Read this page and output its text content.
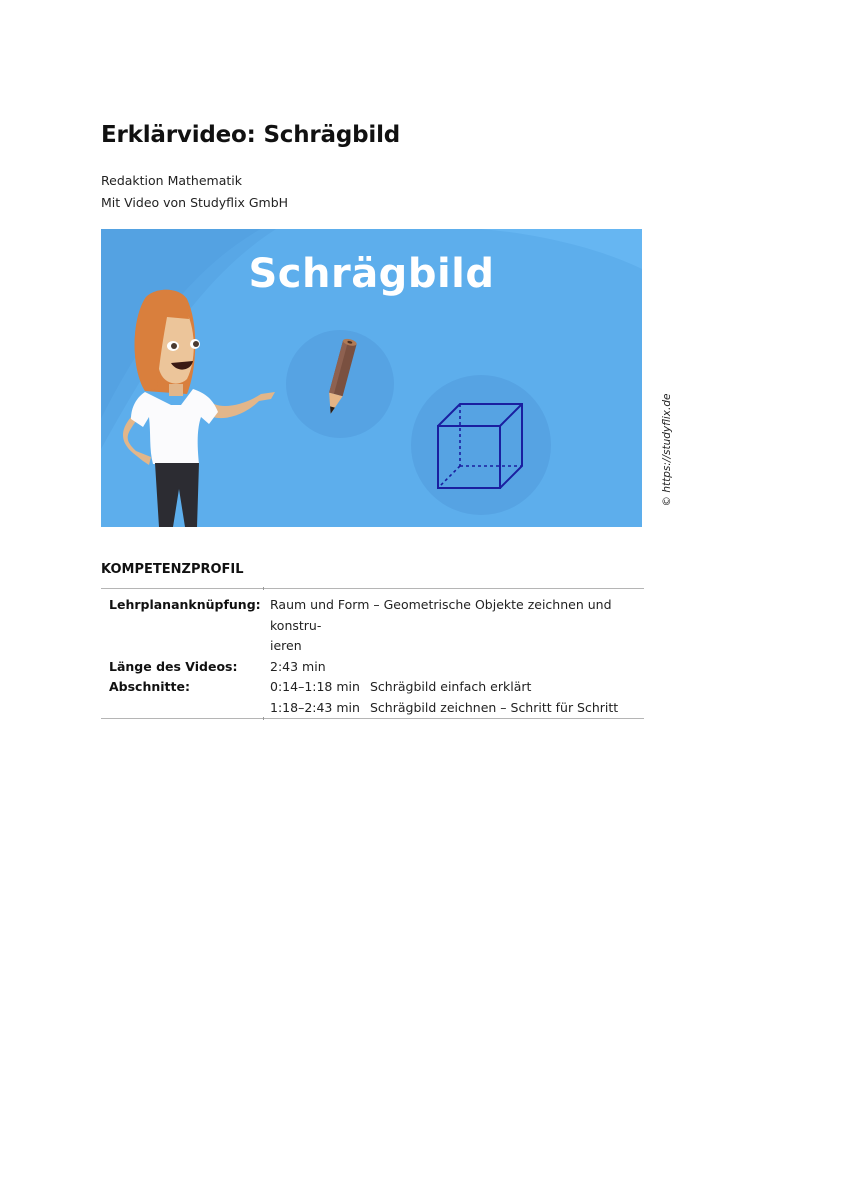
Erklärvideo: Schrägbild
Redaktion Mathematik
Mit Video von Studyflix GmbH
Schrägbild
© https://studyflix.de
KOMPETENZPROFIL
Lehrplananknüpfung: Raum und Form – Geometrische Objekte zeichnen und konstru-
ieren
Länge des Videos:	2:43 min
Abschnitte:	0:14–1:18 min Schrägbild einfach erklärt
1:18–2:43 min Schrägbild zeichnen – Schritt für Schritt
